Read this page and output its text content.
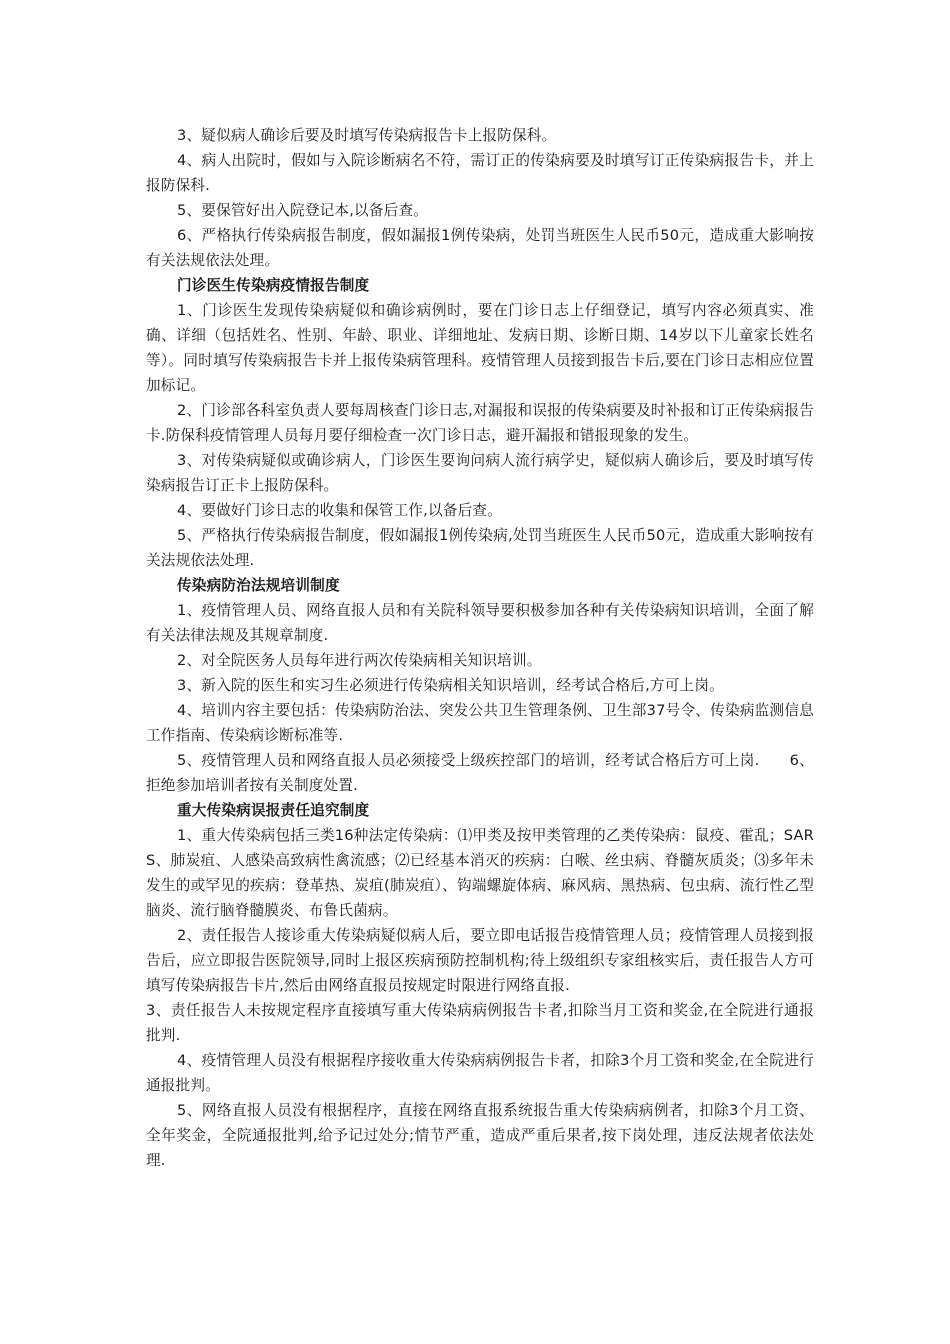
3、疑似病人确诊后要及时填写传染病报告卡上报防保科。

4、病人出院时，假如与入院诊断病名不符，需订正的传染病要及时填写订正传染病报告卡，并上报防保科.

5、要保管好出入院登记本,以备后查。

6、严格执行传染病报告制度，假如漏报1例传染病，处罚当班医生人民币50元，造成重大影响按有关法规依法处理。

门诊医生传染病疫情报告制度

1、门诊医生发现传染病疑似和确诊病例时，要在门诊日志上仔细登记，填写内容必须真实、准确、详细（包括姓名、性别、年龄、职业、详细地址、发病日期、诊断日期、14岁以下儿童家长姓名等）。同时填写传染病报告卡并上报传染病管理科。疫情管理人员接到报告卡后,要在门诊日志相应位置加标记。

2、门诊部各科室负责人要每周核查门诊日志,对漏报和误报的传染病要及时补报和订正传染病报告卡.防保科疫情管理人员每月要仔细检查一次门诊日志，避开漏报和错报现象的发生。

3、对传染病疑似或确诊病人，门诊医生要询问病人流行病学史，疑似病人确诊后，要及时填写传染病报告订正卡上报防保科。

4、要做好门诊日志的收集和保管工作,以备后查。

5、严格执行传染病报告制度，假如漏报1例传染病,处罚当班医生人民币50元，造成重大影响按有关法规依法处理.

传染病防治法规培训制度

1、疫情管理人员、网络直报人员和有关院科领导要积极参加各种有关传染病知识培训，全面了解有关法律法规及其规章制度.

2、对全院医务人员每年进行两次传染病相关知识培训。

3、新入院的医生和实习生必须进行传染病相关知识培训，经考试合格后,方可上岗。

4、培训内容主要包括：传染病防治法、突发公共卫生管理条例、卫生部37号令、传染病监测信息工作指南、传染病诊断标准等.

5、疫情管理人员和网络直报人员必须接受上级疾控部门的培训，经考试合格后方可上岗.　　6、拒绝参加培训者按有关制度处置.

重大传染病误报责任追究制度

1、重大传染病包括三类16种法定传染病：⑴甲类及按甲类管理的乙类传染病：鼠疫、霍乱；SARS、肺炭疽、人感染高致病性禽流感；⑵已经基本消灭的疾病：白喉、丝虫病、脊髓灰质炎；⑶多年未发生的或罕见的疾病：登革热、炭疽(肺炭疽）、钩端螺旋体病、麻风病、黑热病、包虫病、流行性乙型脑炎、流行脑脊髓膜炎、布鲁氏菌病。

2、责任报告人接诊重大传染病疑似病人后，要立即电话报告疫情管理人员；疫情管理人员接到报告后，应立即报告医院领导,同时上报区疾病预防控制机构;待上级组织专家组核实后，责任报告人方可填写传染病报告卡片,然后由网络直报员按规定时限进行网络直报.

3、责任报告人未按规定程序直接填写重大传染病病例报告卡者,扣除当月工资和奖金,在全院进行通报批判.

4、疫情管理人员没有根据程序接收重大传染病病例报告卡者，扣除3个月工资和奖金,在全院进行通报批判。

5、网络直报人员没有根据程序，直接在网络直报系统报告重大传染病病例者，扣除3个月工资、全年奖金，全院通报批判,给予记过处分;情节严重，造成严重后果者,按下岗处理，违反法规者依法处理.
